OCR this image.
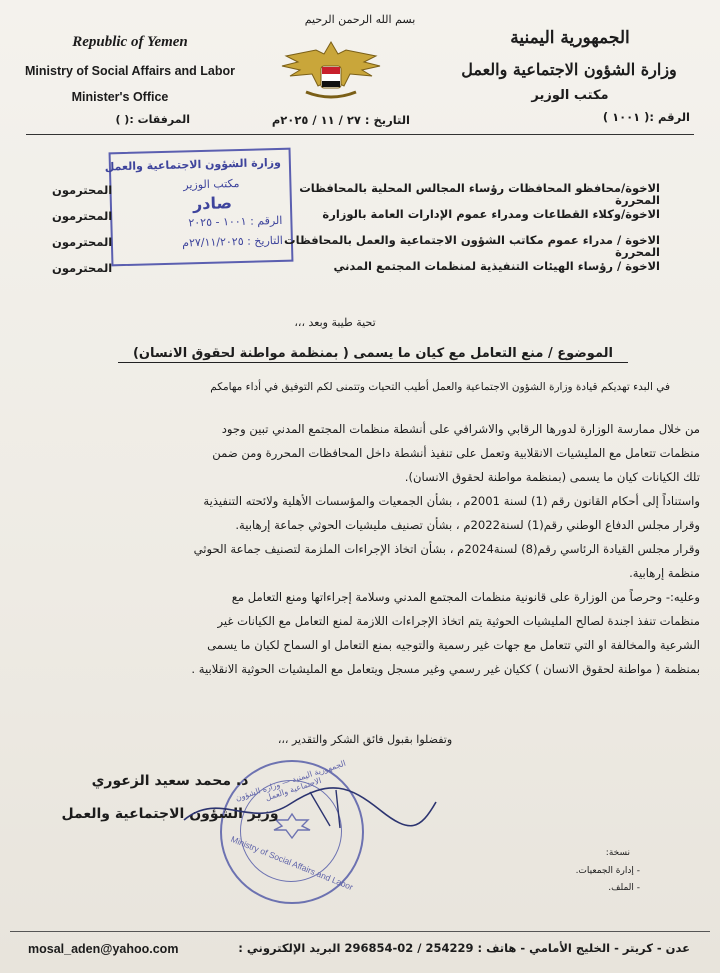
Republic of Yemen
Ministry of Social Affairs and Labor
Minister's Office
المرفقات :( )
بسم الله الرحمن الرحيم
الجمهورية اليمنية
وزارة الشؤون الاجتماعية والعمل
مكتب الوزير
الرقم :( ١٠٠١ )
التاريخ : ٢٧ / ١١ / ٢٠٢٥م
وزارة الشؤون الاجتماعية والعمل
مكتب الوزير
صادر
الرقم : ١٠٠١ - ٢٠٢٥
التاريخ : ٢٧/١١/٢٠٢٥م
الاخوة/محافظو المحافظات رؤساء المجالس المحلية بالمحافظات المحررة
المحترمون
الاخوة/وكلاء القطاعات ومدراء عموم الإدارات العامة بالوزارة
المحترمون
الاخوة / مدراء عموم مكاتب الشؤون الاجتماعية والعمل بالمحافظات المحررة
المحترمون
الاخوة / رؤساء الهيئات التنفيذية لمنظمات المجتمع المدني
المحترمون
تحية طيبة وبعد ،،،
الموضوع / منع التعامل مع كيان ما يسمى ( بمنظمة مواطنة لحقوق الانسان)
في البدء تهديكم قيادة وزارة الشؤون الاجتماعية والعمل أطيب التحيات وتتمنى لكم التوفيق في أداء مهامكم
من خلال ممارسة الوزارة لدورها الرقابي والاشرافي على أنشطة منظمات المجتمع المدني تبين وجود
منظمات تتعامل مع المليشيات الانقلابية وتعمل على تنفيذ أنشطة داخل المحافظات المحررة ومن ضمن
تلك الكيانات كيان ما يسمى (بمنظمة مواطنة لحقوق الانسان).
واستناداً إلى أحكام القانون رقم (1) لسنة 2001م ، بشأن الجمعيات والمؤسسات الأهلية ولائحته التنفيذية
وقرار مجلس الدفاع الوطني رقم(1) لسنة2022م ، بشأن تصنيف مليشيات الحوثي جماعة إرهابية.
وقرار مجلس القيادة الرئاسي رقم(8) لسنة2024م ، بشأن اتخاذ الإجراءات الملزمة لتصنيف جماعة الحوثي
منظمة إرهابية.
وعليه:- وحرصاً من الوزارة على قانونية منظمات المجتمع المدني وسلامة إجراءاتها ومنع التعامل مع
منظمات تنفذ اجندة لصالح المليشيات الحوثية يتم اتخاذ الإجراءات اللازمة لمنع التعامل مع الكيانات غير
الشرعية والمخالفة او التي تتعامل مع جهات غير رسمية والتوجيه بمنع التعامل او السماح لكيان ما يسمى
بمنظمة ( مواطنة لحقوق الانسان ) ككيان غير رسمي وغير مسجل ويتعامل مع المليشيات الحوثية الانقلابية .
وتفضلوا بقبول فائق الشكر والتقدير ،،،
الجمهورية اليمنية — وزارة الشؤون الاجتماعية والعمل
Ministry of Social Affairs and Labor
د. محمد سعيد الزعوري
وزير الشؤون الاجتماعية والعمل
نسخة:
- إدارة الجمعيات.
- الملف.
عدن - كريتر - الخليج الأمامي - هاتف : 254229 / 02-296854 البريد الإلكتروني :
mosal_aden@yahoo.com
